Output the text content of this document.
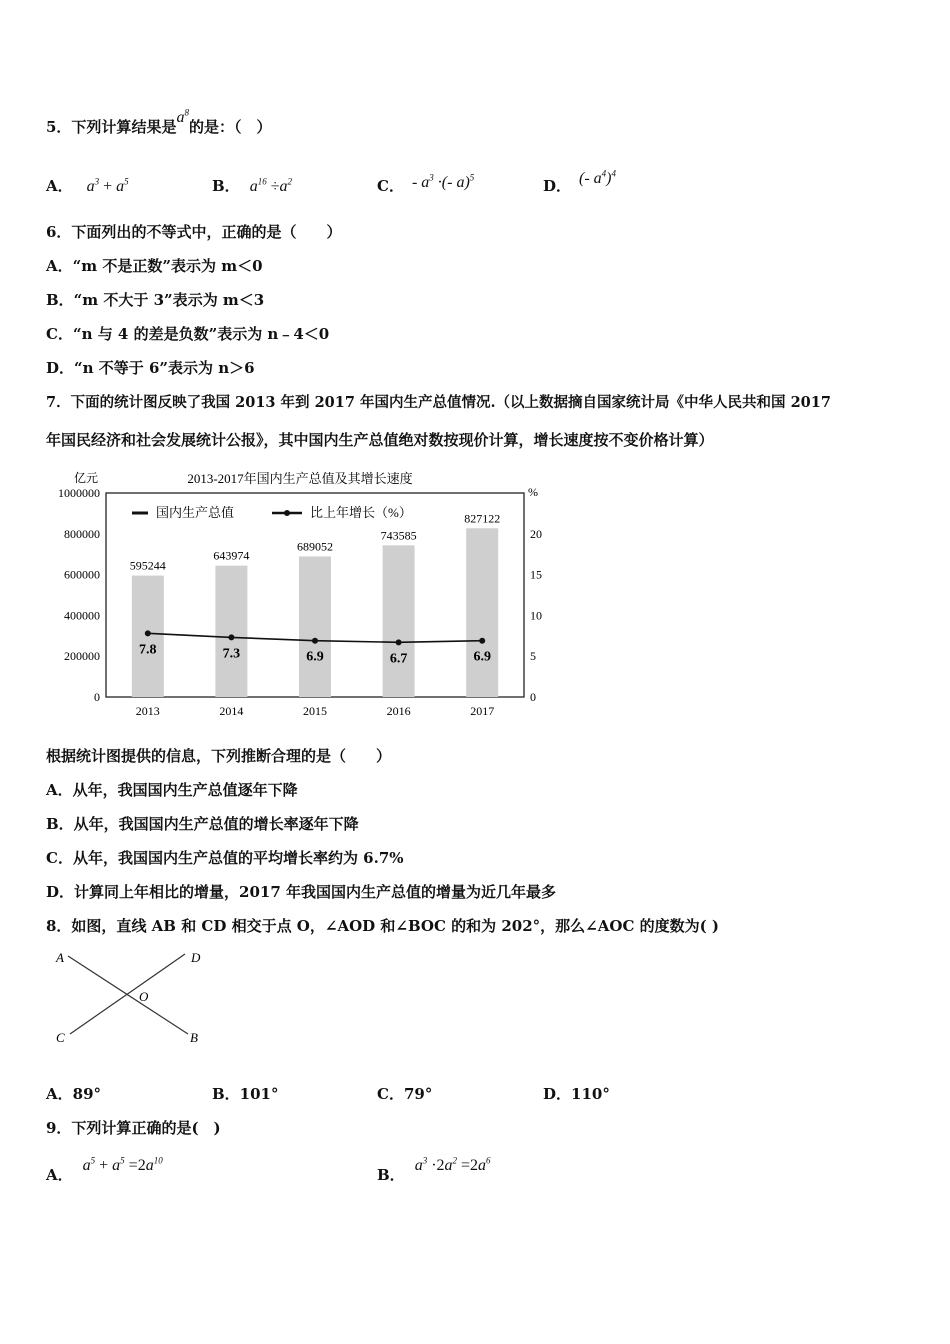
5．下列计算结果是$a^8$的是：（　）
A． $a^3 + a^5$	B． $a^{16} \div a^2$	C． - $a^3$ ·(- a)$^5$	D． (- $a^4)^4$
6．下面列出的不等式中，正确的是（　　）
A．“m 不是正数”表示为 m＜0
B．“m 不大于 3”表示为 m＜3
C．“n 与 4 的差是负数”表示为 n﹣4＜0
D．“n 不等于 6”表示为 n＞6
7．下面的统计图反映了我国 2013 年到 2017 年国内生产总值情况.（以上数据摘自国家统计局《中华人民共和国 2017
年国民经济和社会发展统计公报》，其中国内生产总值绝对数按现价计算，增长速度按不变价格计算）
2013-2017年国内生产总值及其增长速度
亿元
%
0
200000
400000
600000
800000
1000000
0
5
10
15
20
595244
643974
689052
743585
827122
7.8	7.3	6.9	6.7	6.9
2013	2014	2015	2016	2017
国内生产总值	比上年增长（%）
根据统计图提供的信息，下列推断合理的是（　　）
A．从年，我国国内生产总值逐年下降
B．从年，我国国内生产总值的增长率逐年下降
C．从年，我国国内生产总值的平均增长率约为 6.7%
D．计算同上年相比的增量，2017 年我国国内生产总值的增量为近几年最多
8．如图，直线 AB 和 CD 相交于点 O，∠AOD 和∠BOC 的和为 202°，那么∠AOC 的度数为( )
A	D
O
C	B
A．89°	B．101°	C．79°	D．110°
9．下列计算正确的是(　)
A．$a^5 + a^5 =2a^{10}$
B．$a^3 \cdot 2a^2 =2a^6$
